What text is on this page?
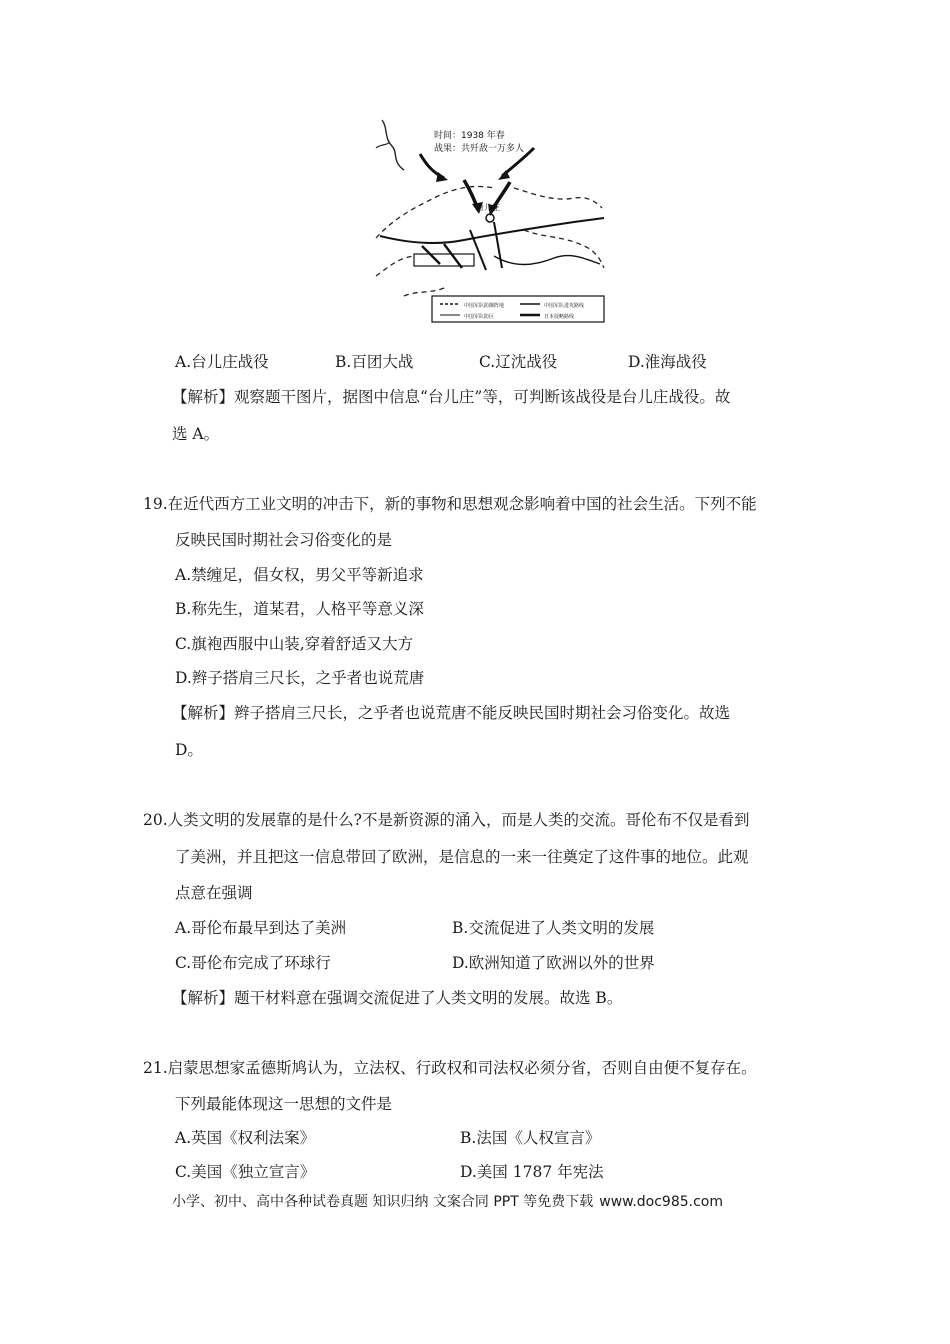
时间：1938 年春
战果：共歼敌一万多人
台儿庄
中国军队防御阵地	中国军队进攻路线
中国军队防区	日本侵略路线
A.台儿庄战役	B.百团大战	C.辽沈战役	D.淮海战役
【解析】观察题干图片，据图中信息“台儿庄”等，可判断该战役是台儿庄战役。故
选 A。
19.在近代西方工业文明的冲击下，新的事物和思想观念影响着中国的社会生活。下列不能
反映民国时期社会习俗变化的是
A.禁缠足，倡女权，男父平等新追求
B.称先生，道某君，人格平等意义深
C.旗袍西服中山装,穿着舒适又大方
D.辫子搭肩三尺长，之乎者也说荒唐
【解析】辫子搭肩三尺长，之乎者也说荒唐不能反映民国时期社会习俗变化。故选
D。
20.人类文明的发展靠的是什么?不是新资源的涌入，而是人类的交流。哥伦布不仅是看到
了美洲，并且把这一信息带回了欧洲，是信息的一来一往奠定了这件事的地位。此观
点意在强调
A.哥伦布最早到达了美洲	B.交流促进了人类文明的发展
C.哥伦布完成了环球行	D.欧洲知道了欧洲以外的世界
【解析】题干材料意在强调交流促进了人类文明的发展。故选 B。
21.启蒙思想家孟德斯鸠认为，立法权、行政权和司法权必须分省，否则自由便不复存在。
下列最能体现这一思想的文件是
A.英国《权利法案》	B.法国《人权宣言》
C.美国《独立宣言》	D.美国 1787 年宪法
小学、初中、高中各种试卷真题 知识归纳 文案合同 PPT 等免费下载 www.doc985.com
